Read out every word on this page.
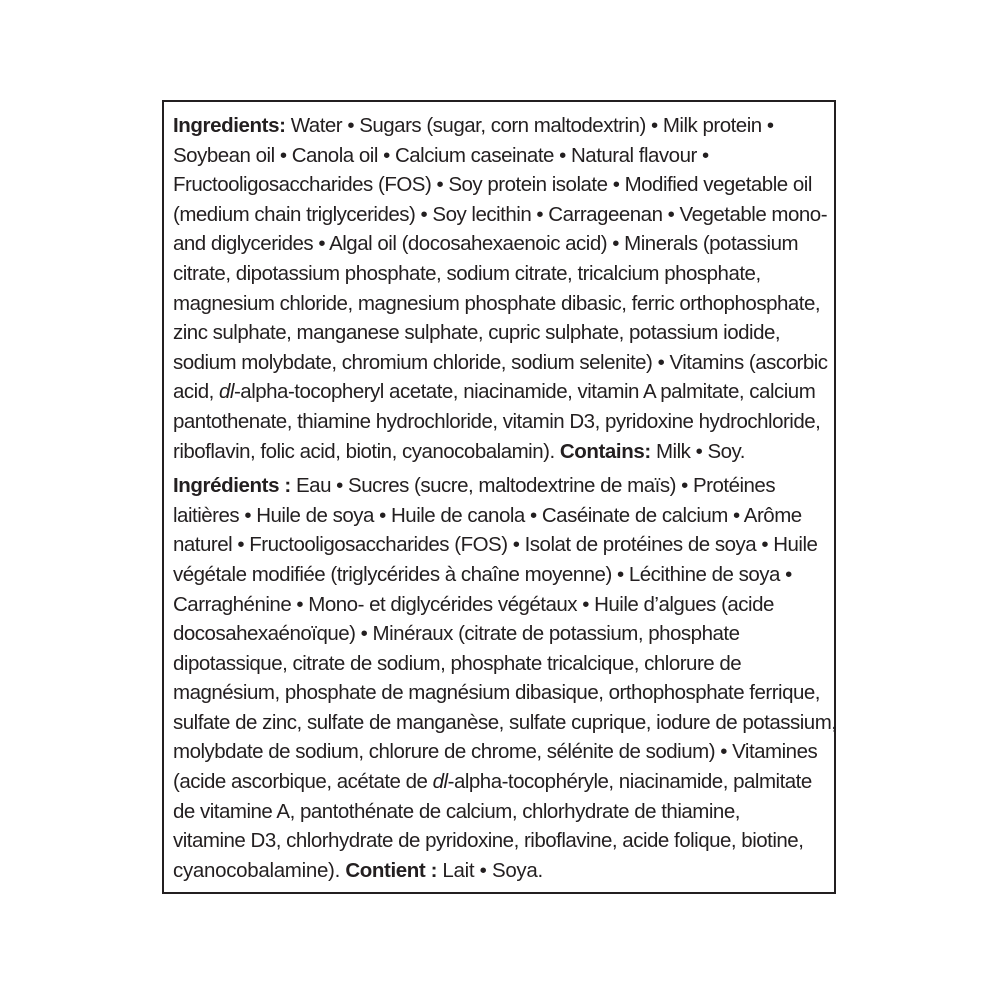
Ingredients: Water • Sugars (sugar, corn maltodextrin) • Milk protein •
Soybean oil • Canola oil • Calcium caseinate • Natural flavour •
Fructooligosaccharides (FOS) • Soy protein isolate • Modified vegetable oil
(medium chain triglycerides) • Soy lecithin • Carrageenan • Vegetable mono-
and diglycerides • Algal oil (docosahexaenoic acid) • Minerals (potassium
citrate, dipotassium phosphate, sodium citrate, tricalcium phosphate,
magnesium chloride, magnesium phosphate dibasic, ferric orthophosphate,
zinc sulphate, manganese sulphate, cupric sulphate, potassium iodide,
sodium molybdate, chromium chloride, sodium selenite) • Vitamins (ascorbic
acid, dl-alpha-tocopheryl acetate, niacinamide, vitamin A palmitate, calcium
pantothenate, thiamine hydrochloride, vitamin D3, pyridoxine hydrochloride,
riboflavin, folic acid, biotin, cyanocobalamin). Contains: Milk • Soy.
Ingrédients : Eau • Sucres (sucre, maltodextrine de maïs) • Protéines
laitières • Huile de soya • Huile de canola • Caséinate de calcium • Arôme
naturel • Fructooligosaccharides (FOS) • Isolat de protéines de soya • Huile
végétale modifiée (triglycérides à chaîne moyenne) • Lécithine de soya •
Carraghénine • Mono- et diglycérides végétaux • Huile d’algues (acide
docosahexaénoïque) • Minéraux (citrate de potassium, phosphate
dipotassique, citrate de sodium, phosphate tricalcique, chlorure de
magnésium, phosphate de magnésium dibasique, orthophosphate ferrique,
sulfate de zinc, sulfate de manganèse, sulfate cuprique, iodure de potassium,
molybdate de sodium, chlorure de chrome, sélénite de sodium) • Vitamines
(acide ascorbique, acétate de dl-alpha-tocophéryle, niacinamide, palmitate
de vitamine A, pantothénate de calcium, chlorhydrate de thiamine,
vitamine D3, chlorhydrate de pyridoxine, riboflavine, acide folique, biotine,
cyanocobalamine). Contient : Lait • Soya.
